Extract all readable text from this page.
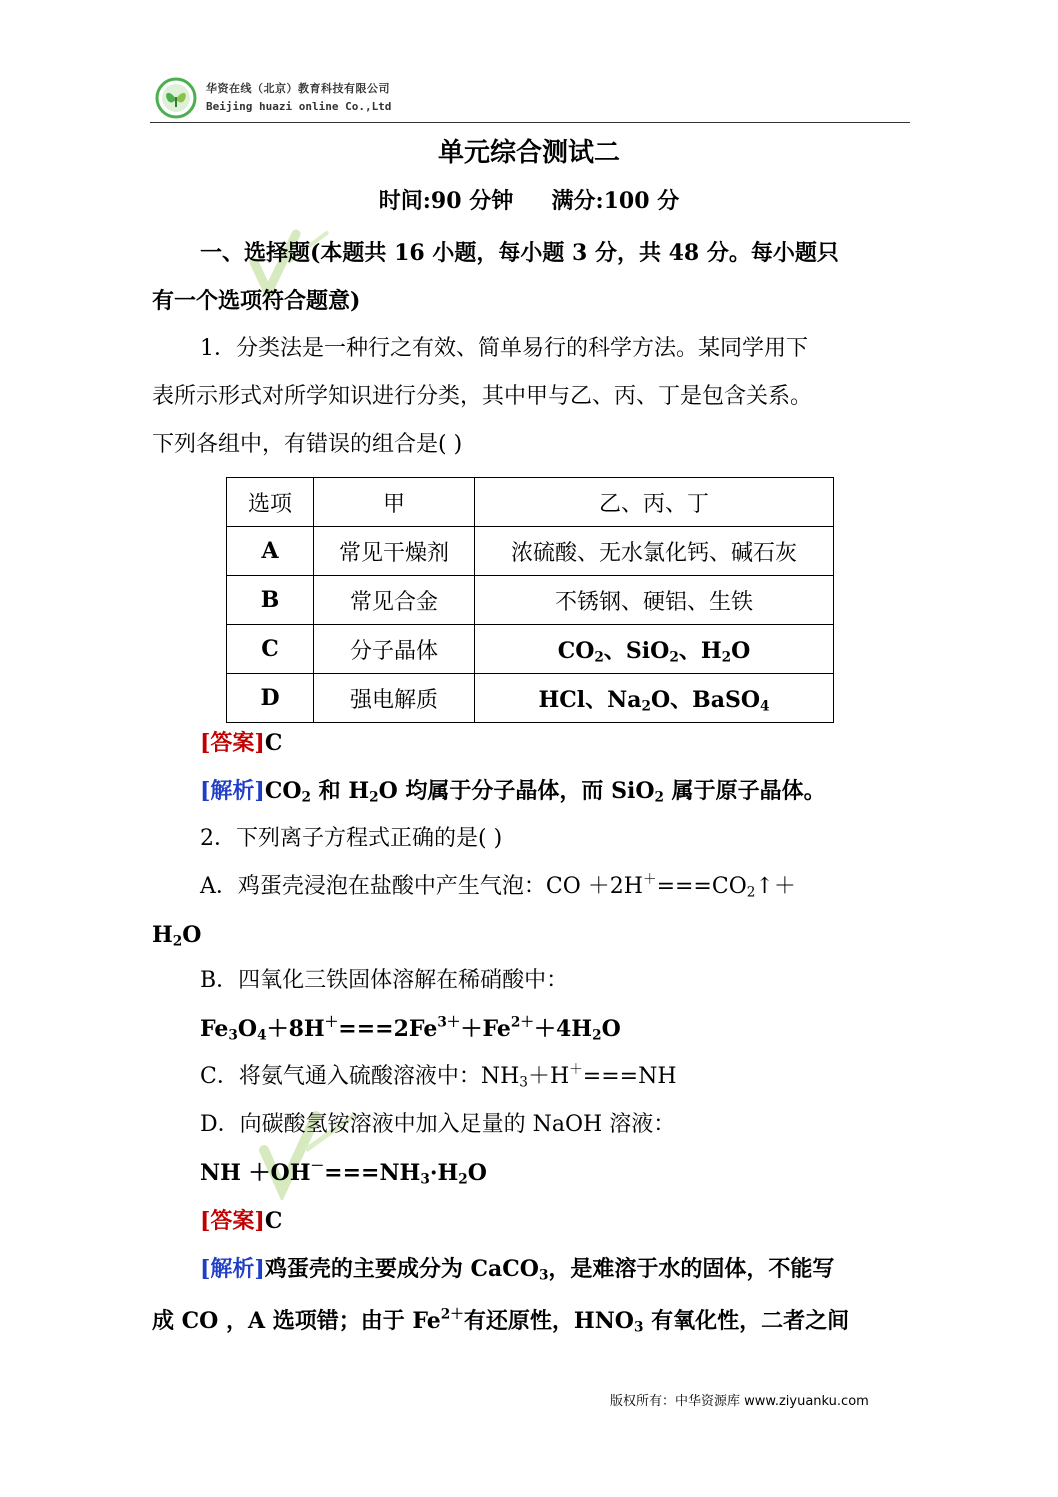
华资在线（北京）教育科技有限公司
Beijing huazi online Co.,Ltd
单元综合测试二
时间:90 分钟     满分:100 分
一、选择题(本题共 16 小题，每小题 3 分，共 48 分。每小题只
有一个选项符合题意)
1．分类法是一种行之有效、简单易行的科学方法。某同学用下
表所示形式对所学知识进行分类，其中甲与乙、丙、丁是包含关系。
下列各组中，有错误的组合是( )
选项	甲	乙、丙、丁
A	常见干燥剂	浓硫酸、无水氯化钙、碱石灰
B	常见合金	不锈钢、硬铝、生铁
C	分子晶体	$CO_2$、SiO$_2$、$H_2O$
D	强电解质	HCl、$Na_2O$、BaSO$_4$
[答案]C
[解析]$CO_2$ 和 $H_2O$ 均属于分子晶体，而 SiO$_2$ 属于原子晶体。
2．下列离子方程式正确的是( )
A．鸡蛋壳浸泡在盐酸中产生气泡：CO $+2H^+===CO_2↑+$
$H_2O$
B．四氧化三铁固体溶解在稀硝酸中：
$Fe_3O_4+8H^+===2Fe^{3+}+Fe^{2+}+4H_2O$
C．将氨气通入硫酸溶液中：$NH_3+H^+===NH$
D．向碳酸氢铵溶液中加入足量的 NaOH 溶液：
NH $+OH^-===NH_3\cdot H_2O$
[答案]C
[解析]鸡蛋壳的主要成分为 CaCO$_3$，是难溶于水的固体，不能写
成 CO ，A 选项错；由于 $Fe^{2+}$有还原性，$HNO_3$ 有氧化性，二者之间
版权所有：中华资源库 www.ziyuanku.com
